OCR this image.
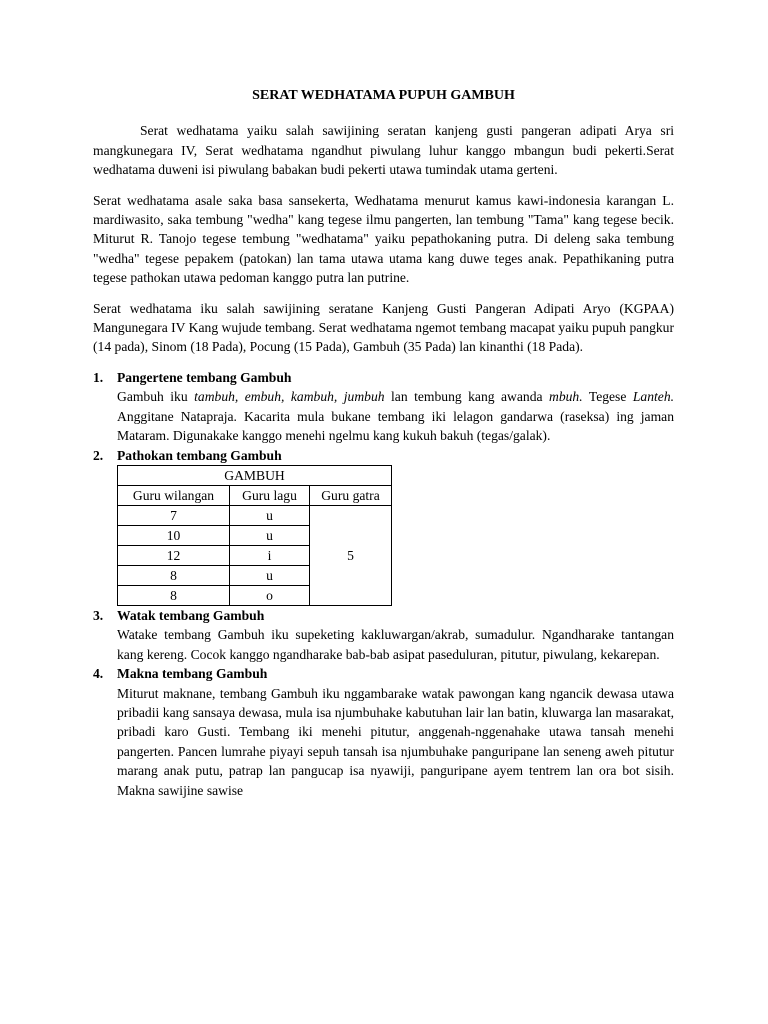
SERAT WEDHATAMA PUPUH GAMBUH

Serat wedhatama yaiku salah sawijining seratan kanjeng gusti pangeran adipati Arya sri mangkunegara IV, Serat wedhatama ngandhut piwulang luhur kanggo mbangun budi pekerti.Serat wedhatama duweni isi piwulang babakan budi pekerti utawa tumindak utama gerteni.

Serat wedhatama asale saka basa sansekerta, Wedhatama menurut kamus kawi-indonesia karangan L. mardiwasito, saka tembung "wedha" kang tegese ilmu pangerten, lan tembung "Tama" kang tegese becik. Miturut R. Tanojo tegese tembung "wedhatama" yaiku pepathokaning putra. Di deleng saka tembung "wedha" tegese pepakem (patokan) lan tama utawa utama kang duwe teges anak. Pepathikaning putra tegese pathokan utawa pedoman kanggo putra lan putrine.

Serat wedhatama iku salah sawijining seratane Kanjeng Gusti Pangeran Adipati Aryo (KGPAA) Mangunegara IV Kang wujude tembang. Serat wedhatama ngemot tembang macapat yaiku pupuh pangkur (14 pada), Sinom (18 Pada), Pocung (15 Pada), Gambuh (35 Pada) lan kinanthi (18 Pada).

1. Pangertene tembang Gambuh

Gambuh iku tambuh, embuh, kambuh, jumbuh lan tembung kang awanda mbuh. Tegese Lanteh. Anggitane Natapraja. Kacarita mula bukane tembang iki lelagon gandarwa (raseksa) ing jaman Mataram. Digunakake kanggo menehi ngelmu kang kukuh bakuh (tegas/galak).

2. Pathokan tembang Gambuh
GAMBUH		
Guru wilangan	Guru lagu	Guru gatra
7	u	5
10	u	
12	i	
8	u	
8	o	
3. Watak tembang Gambuh

Watake tembang Gambuh iku supeketing kakluwargan/akrab, sumadulur. Ngandharake tantangan kang kereng. Cocok kanggo ngandharake bab-bab asipat paseduluran, pitutur, piwulang, kekarepan.

4. Makna tembang Gambuh

Miturut maknane, tembang Gambuh iku nggambarake watak pawongan kang ngancik dewasa utawa pribadii kang sansaya dewasa, mula isa njumbuhake kabutuhan lair lan batin, kluwarga lan masarakat, pribadi karo Gusti. Tembang iki menehi pitutur, anggenah-nggenahake utawa tansah menehi pangerten. Pancen lumrahe piyayi sepuh tansah isa njumbuhake panguripane lan seneng aweh pitutur marang anak putu, patrap lan pangucap isa nyawiji, panguripane ayem tentrem lan ora bot sisih. Makna sawijine sawise
